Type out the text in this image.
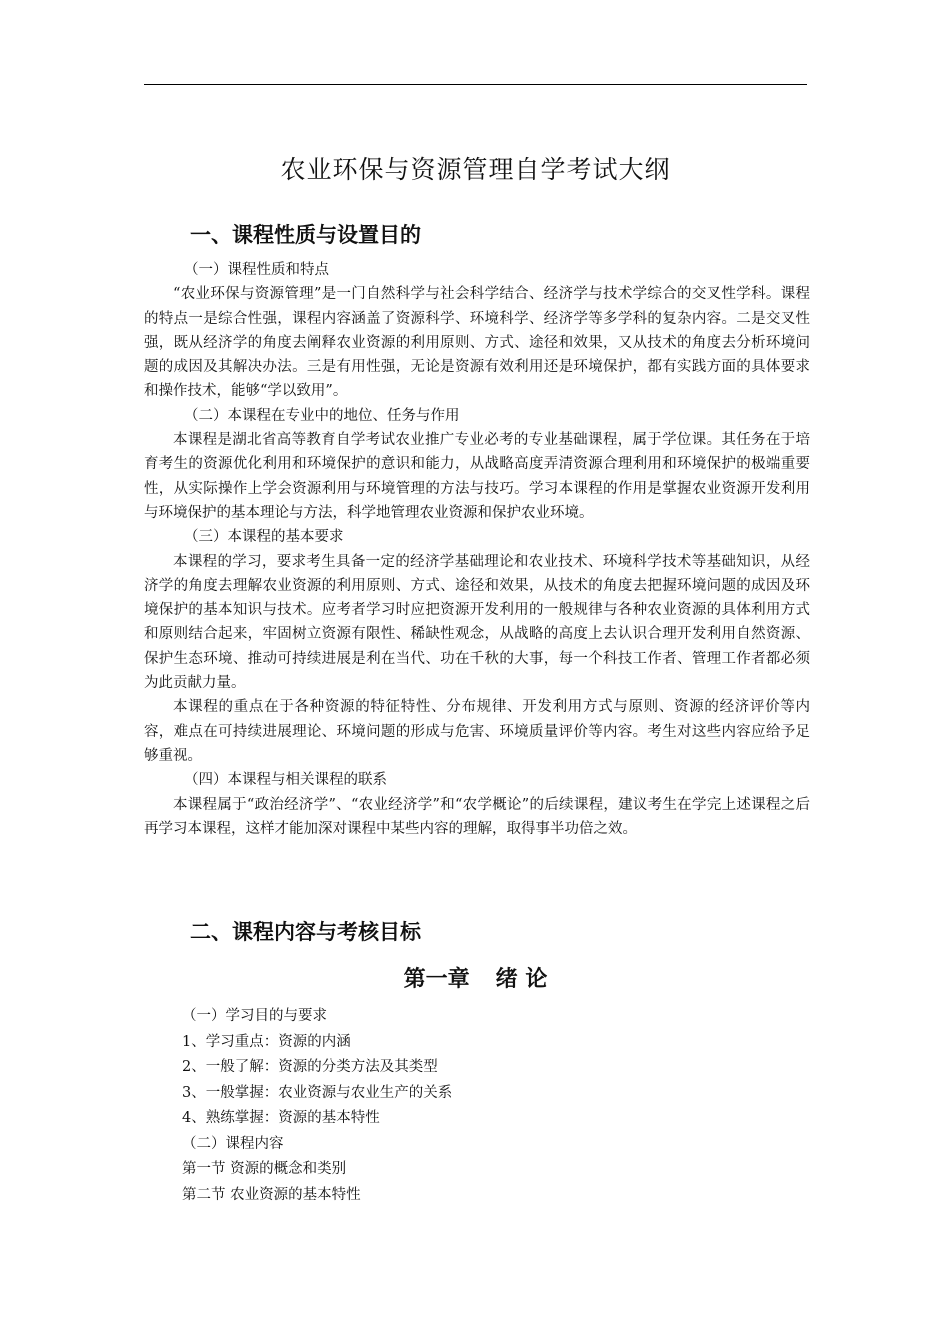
农业环保与资源管理自学考试大纲
一、课程性质与设置目的

（一）课程性质和特点

“农业环保与资源管理”是一门自然科学与社会科学结合、经济学与技术学综合的交叉性学科。课程的特点一是综合性强，课程内容涵盖了资源科学、环境科学、经济学等多学科的复杂内容。二是交叉性强，既从经济学的角度去阐释农业资源的利用原则、方式、途径和效果，又从技术的角度去分析环境问题的成因及其解决办法。三是有用性强，无论是资源有效利用还是环境保护，都有实践方面的具体要求和操作技术，能够“学以致用”。

（二）本课程在专业中的地位、任务与作用

本课程是湖北省高等教育自学考试农业推广专业必考的专业基础课程，属于学位课。其任务在于培育考生的资源优化利用和环境保护的意识和能力，从战略高度弄清资源合理利用和环境保护的极端重要性，从实际操作上学会资源利用与环境管理的方法与技巧。学习本课程的作用是掌握农业资源开发利用与环境保护的基本理论与方法，科学地管理农业资源和保护农业环境。

（三）本课程的基本要求

本课程的学习，要求考生具备一定的经济学基础理论和农业技术、环境科学技术等基础知识，从经济学的角度去理解农业资源的利用原则、方式、途径和效果，从技术的角度去把握环境问题的成因及环境保护的基本知识与技术。应考者学习时应把资源开发利用的一般规律与各种农业资源的具体利用方式和原则结合起来，牢固树立资源有限性、稀缺性观念，从战略的高度上去认识合理开发利用自然资源、保护生态环境、推动可持续进展是利在当代、功在千秋的大事，每一个科技工作者、管理工作者都必须为此贡献力量。

本课程的重点在于各种资源的特征特性、分布规律、开发利用方式与原则、资源的经济评价等内容，难点在可持续进展理论、环境问题的形成与危害、环境质量评价等内容。考生对这些内容应给予足够重视。

（四）本课程与相关课程的联系

本课程属于“政治经济学”、“农业经济学”和“农学概论”的后续课程，建议考生在学完上述课程之后再学习本课程，这样才能加深对课程中某些内容的理解，取得事半功倍之效。

二、课程内容与考核目标
第一章 绪 论
（一）学习目的与要求
1、学习重点：资源的内涵
2、一般了解：资源的分类方法及其类型
3、一般掌握：农业资源与农业生产的关系
4、熟练掌握：资源的基本特性
（二）课程内容
第一节 资源的概念和类别
第二节 农业资源的基本特性
